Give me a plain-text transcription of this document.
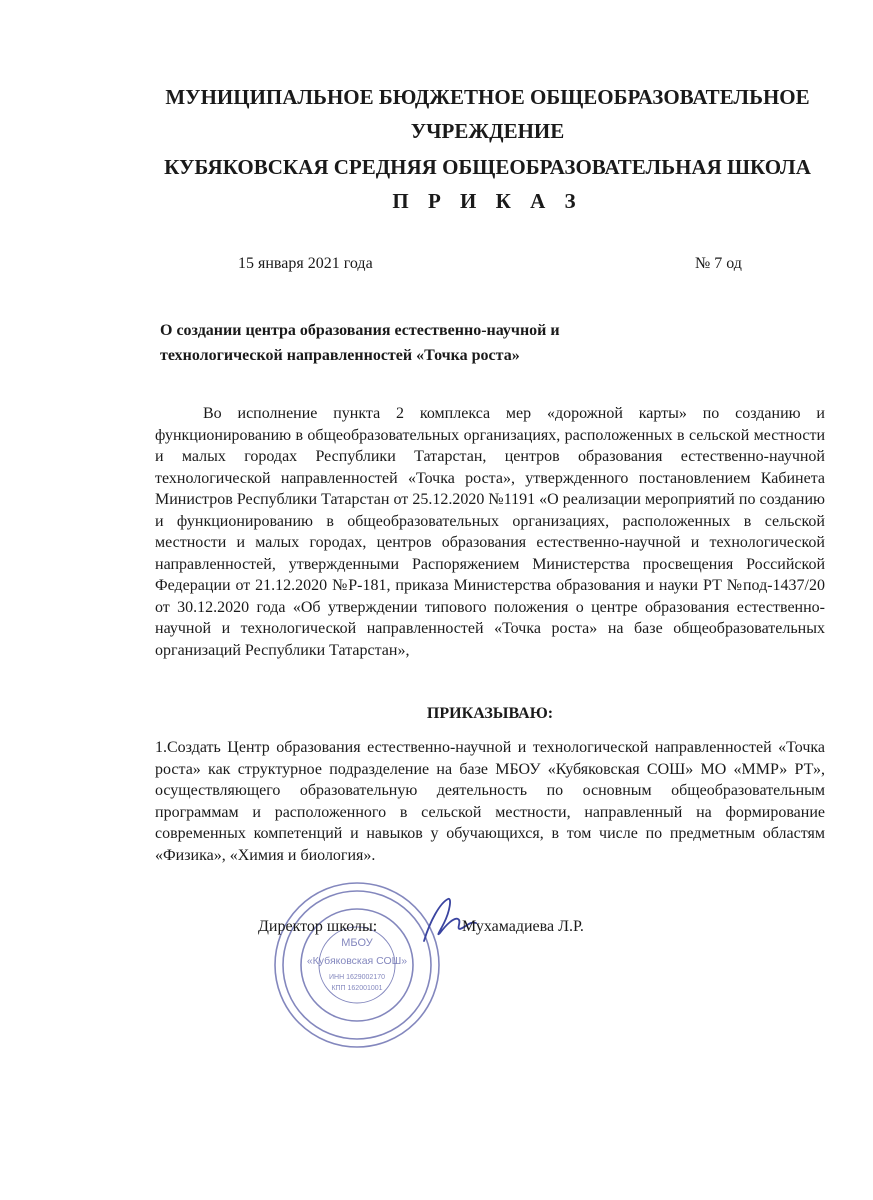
МУНИЦИПАЛЬНОЕ БЮДЖЕТНОЕ ОБЩЕОБРАЗОВАТЕЛЬНОЕ
УЧРЕЖДЕНИЕ
КУБЯКОВСКАЯ СРЕДНЯЯ ОБЩЕОБРАЗОВАТЕЛЬНАЯ ШКОЛА
П Р И К А З
15 января 2021 года	№ 7 од
О создании центра образования естественно-научной и
технологической направленностей «Точка роста»
Во исполнение пункта 2 комплекса мер «дорожной карты» по созданию и функционированию в общеобразовательных организациях, расположенных в сельской местности и малых городах Республики Татарстан, центров образования естественно-научной технологической направленностей «Точка роста», утвержденного постановлением Кабинета Министров Республики Татарстан от 25.12.2020 №1191 «О реализации мероприятий по созданию и функционированию в общеобразовательных организациях, расположенных в сельской местности и малых городах, центров образования естественно-научной и технологической направленностей, утвержденными Распоряжением Министерства просвещения Российской Федерации от 21.12.2020 №Р-181, приказа Министерства образования и науки РТ №под-1437/20 от 30.12.2020 года «Об утверждении типового положения о центре образования естественно-научной и технологической направленностей «Точка роста» на базе общеобразовательных организаций Республики Татарстан»,
ПРИКАЗЫВАЮ:
1.Создать Центр образования естественно-научной и технологической направленностей «Точка роста» как структурное подразделение на базе МБОУ «Кубяковская СОШ» МО «ММР» РТ», осуществляющего образовательную деятельность по основным общеобразовательным программам и расположенного в сельской местности, направленный на формирование современных компетенций и навыков у обучающихся, в том числе по предметным областям «Физика», «Химия и биология».
МБОУ
«Кубяковская СОШ»
ИНН 1629002170
КПП 162001001
Директор школы:	Мухамадиева Л.Р.
